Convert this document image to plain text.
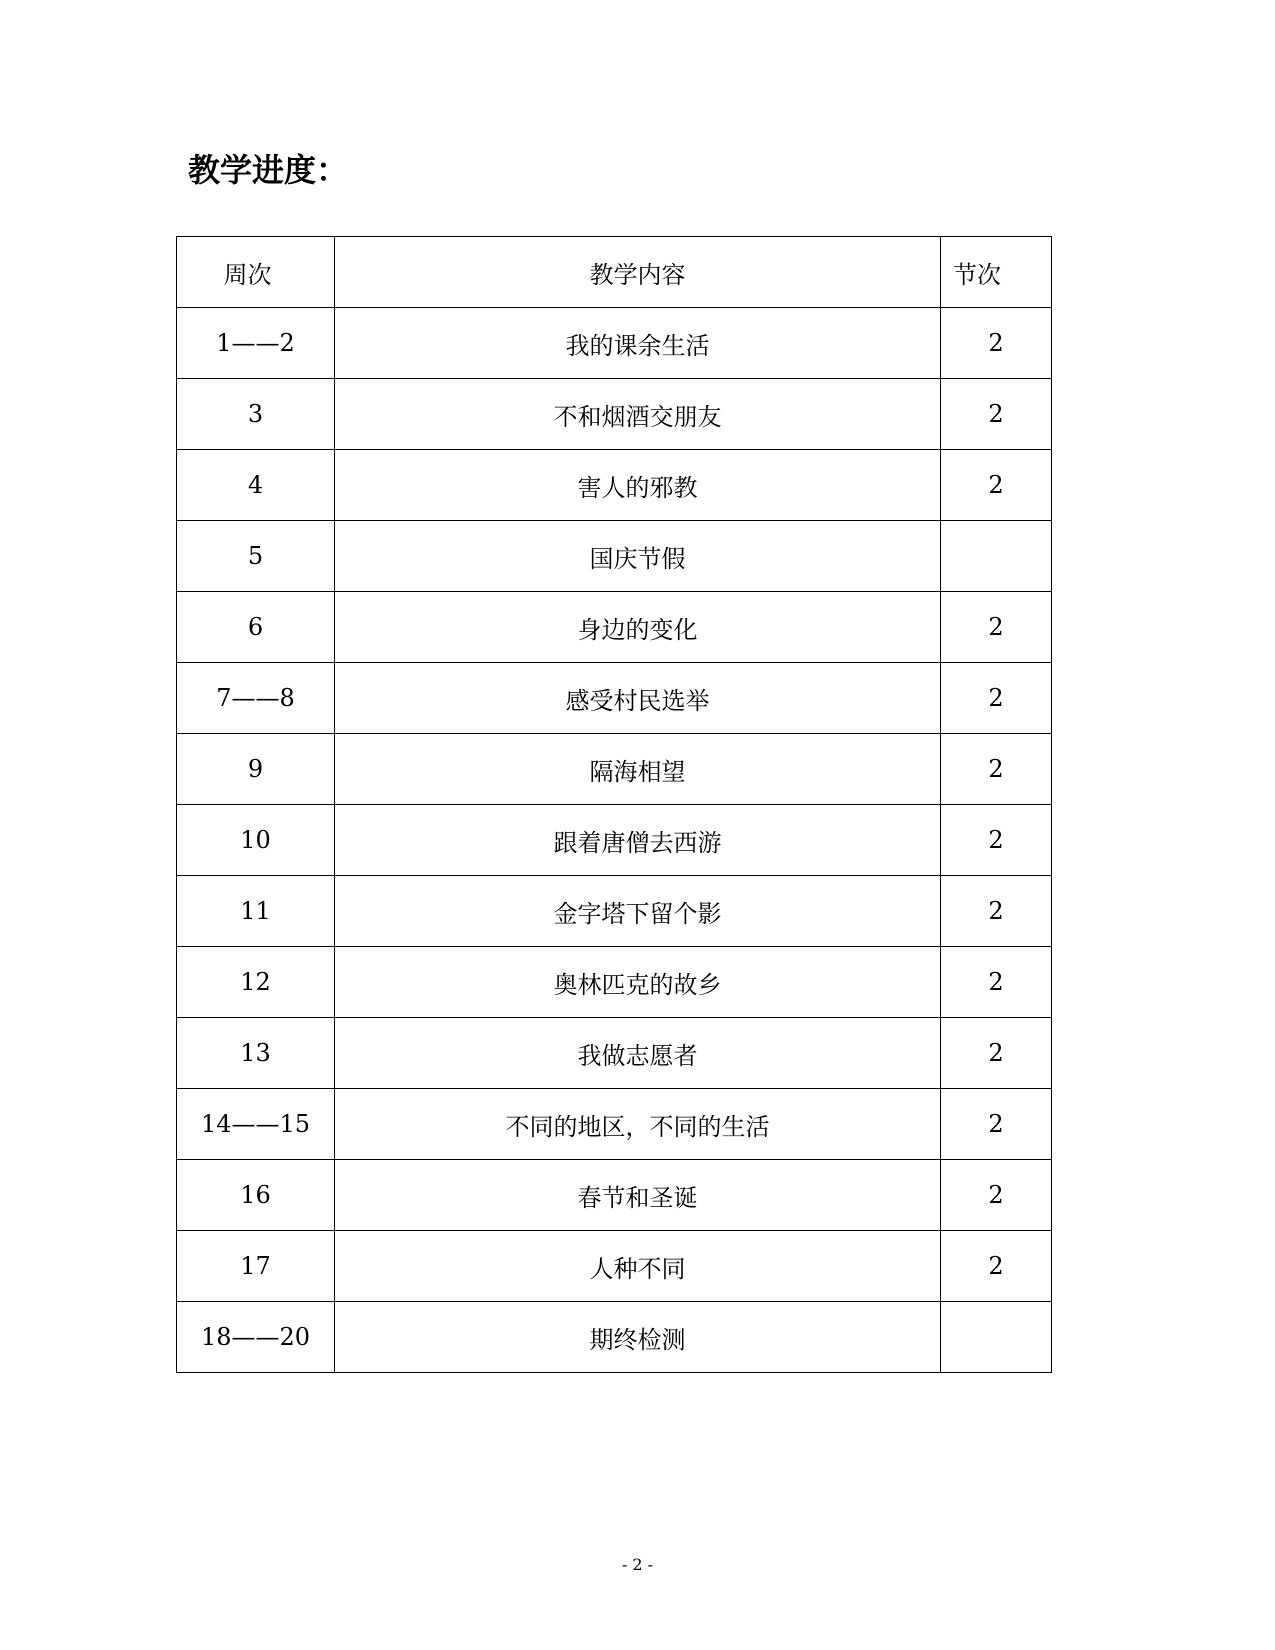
教学进度：
周次	教学内容	节次
1——2	我的课余生活	2
3	不和烟酒交朋友	2
4	害人的邪教	2
5	国庆节假	
6	身边的变化	2
7——8	感受村民选举	2
9	隔海相望	2
10	跟着唐僧去西游	2
11	金字塔下留个影	2
12	奥林匹克的故乡	2
13	我做志愿者	2
14——15	不同的地区，不同的生活	2
16	春节和圣诞	2
17	人种不同	2
18——20	期终检测	
- 2 -
